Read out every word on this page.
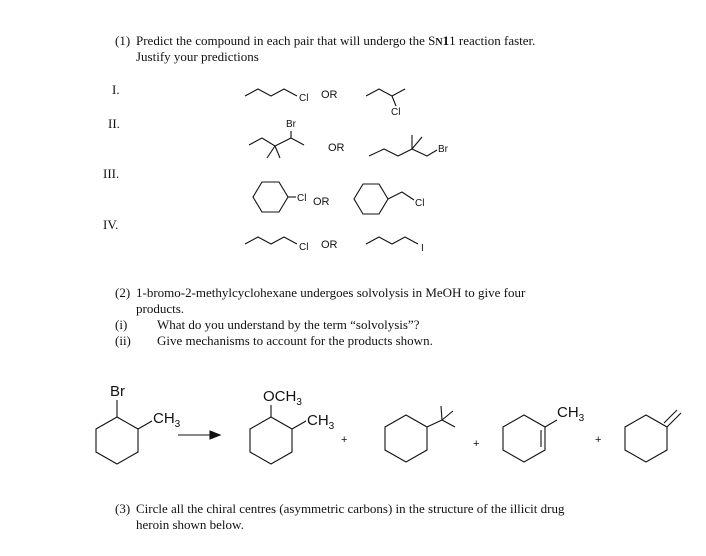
(1) Predict the compound in each pair that will undergo the SN11 reaction faster.
Justify your predictions
I.
II.
III.
IV.
Cl OR
Cl
Br
OR	Br
Cl OR	Cl
Cl OR	I
(2) 1-bromo-2-methylcyclohexane undergoes solvolysis in MeOH to give four
products.
(i) What do you understand by the term “solvolysis”?
(ii) Give mechanisms to account for the products shown.
Br
$CH_3$
$OCH_3$
$CH_3$
+	+
$CH_3$
+
(3) Circle all the chiral centres (asymmetric carbons) in the structure of the illicit drug
heroin shown below.
